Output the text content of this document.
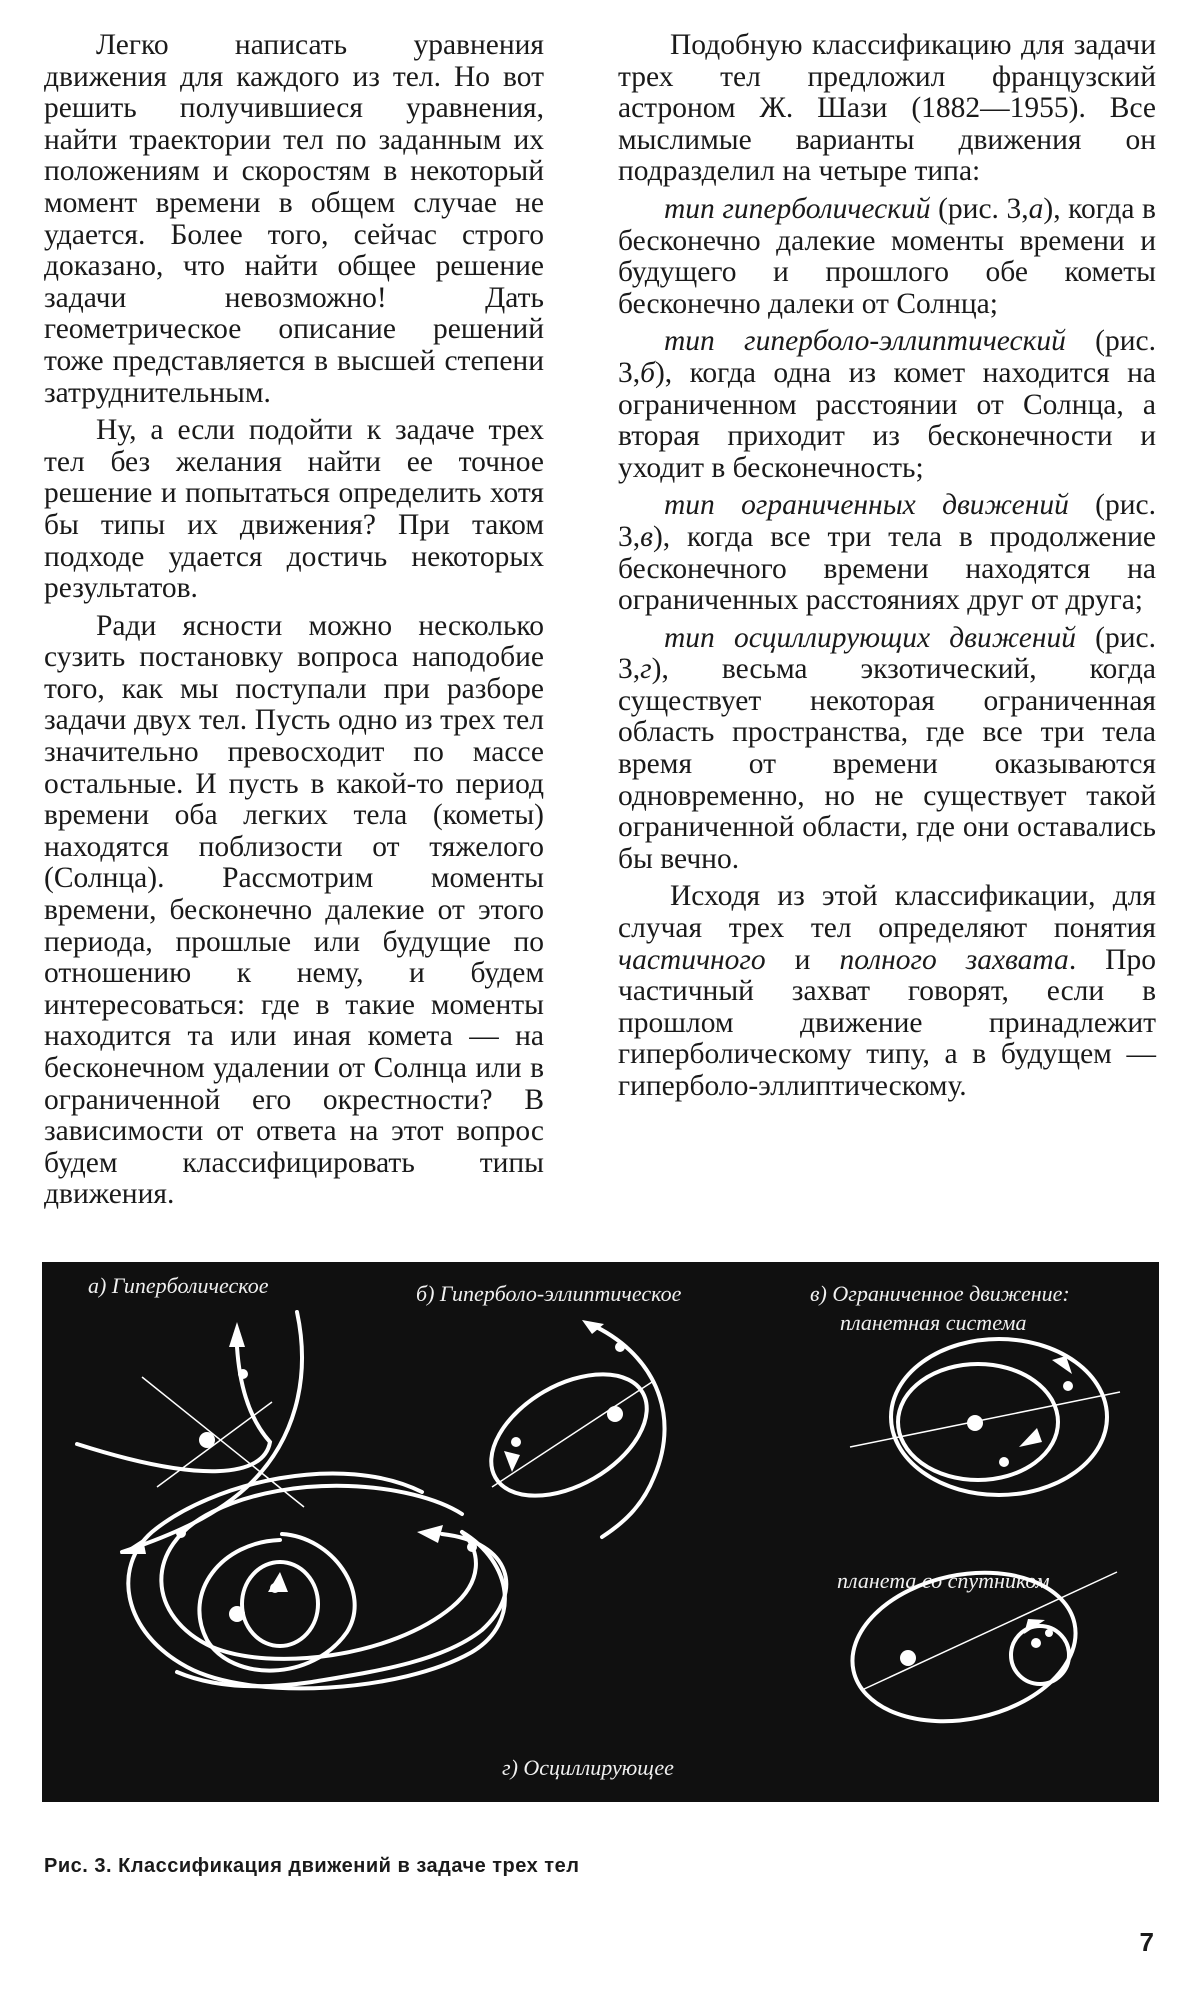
Легко написать уравнения движения для каждого из тел. Но вот решить получившиеся уравнения, найти траектории тел по заданным их положениям и скоростям в некоторый момент времени в общем случае не удается. Более того, сейчас строго доказано, что найти общее решение задачи невозможно! Дать геометрическое описание решений тоже представляется в высшей степени затруднительным.

Ну, а если подойти к задаче трех тел без желания найти ее точное решение и попытаться определить хотя бы типы их движения? При таком подходе удается достичь некоторых результатов.

Ради ясности можно несколько сузить постановку вопроса наподобие того, как мы поступали при разборе задачи двух тел. Пусть одно из трех тел значительно превосходит по массе остальные. И пусть в какой-то период времени оба легких тела (кометы) находятся поблизости от тяжелого (Солнца). Рассмотрим моменты времени, бесконечно далекие от этого периода, прошлые или будущие по отношению к нему, и будем интересоваться: где в такие моменты находится та или иная комета — на бесконечном удалении от Солнца или в ограниченной его окрестности? В зависимости от ответа на этот вопрос будем классифицировать типы движения.

Подобную классификацию для задачи трех тел предложил французский астроном Ж. Шази (1882—1955). Все мыслимые варианты движения он подразделил на четыре типа:

тип гиперболический (рис. 3,а), когда в бесконечно далекие моменты времени и будущего и прошлого обе кометы бесконечно далеки от Солнца;

тип гиперболо-эллиптический (рис. 3,б), когда одна из комет находится на ограниченном расстоянии от Солнца, а вторая приходит из бесконечности и уходит в бесконечность;

тип ограниченных движений (рис. 3,в), когда все три тела в продолжение бесконечного времени находятся на ограниченных расстояниях друг от друга;

тип осциллирующих движений (рис. 3,г), весьма экзотический, когда существует некоторая ограниченная область пространства, где все три тела время от времени оказываются одновременно, но не существует такой ограниченной области, где они оставались бы вечно.

Исходя из этой классификации, для случая трех тел определяют понятия частичного и полного захвата. Про частичный захват говорят, если в прошлом движение принадлежит гиперболическому типу, а в будущем — гиперболо-эллиптическому.

а) Гиперболическое	б) Гиперболо-эллиптическое	в) Ограниченное движение:
планетная система
планета со спутником
г) Осциллирующее

Рис. 3. Классификация движений в задаче трех тел

7
